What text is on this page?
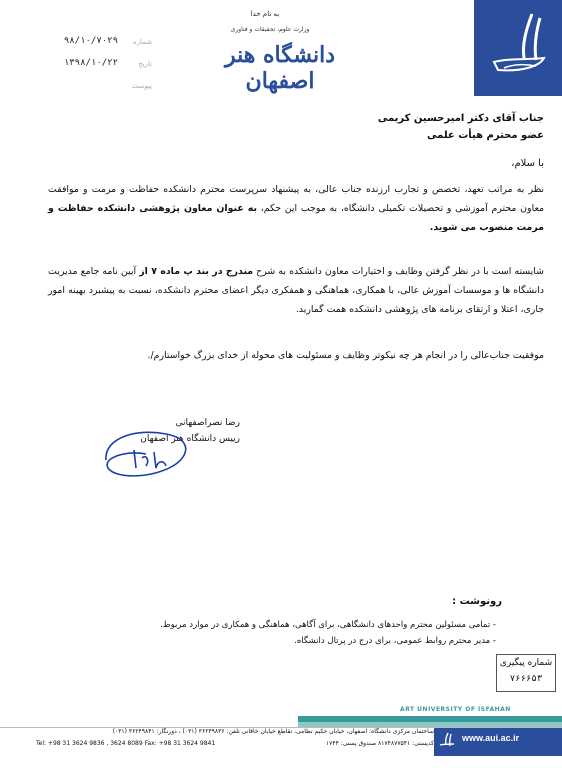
به نام خدا
وزارت علوم، تحقیقات و فناوری
دانشگاه هنر اصفهان
شماره
۹۸/۱۰/۷۰۲۹
تاریخ
۱۳۹۸/۱۰/۲۲
پیوست
جناب آقای دکتر امیرحسین کریمی
عضو محترم هیأت علمی
با سلام،
نظر به مراتب تعهد، تخصص و تجارب ارزنده جناب عالی، به پیشنهاد سرپرست محترم دانشکده حفاظت و مرمت و موافقت معاون محترم آموزشی و تحصیلات تکمیلی دانشگاه، به موجب این حکم، به عنوان معاون پژوهشی دانشکده حفاظت و مرمت منصوب می شوید.
شایسته است با در نظر گرفتن وظایف و اختیارات معاون دانشکده به شرح مندرج در بند پ ماده ۷ از آیین نامه جامع مدیریت دانشگاه ها و موسسات آموزش عالی، با همکاری، هماهنگی و همفکری دیگر اعضای محترم دانشکده، نسبت به پیشبرد بهینه امور جاری، اعتلا و ارتقای برنامه های پژوهشی دانشکده همت گمارید.
موفقیت جناب‌عالی را در انجام هر چه نیکوتر وظایف و مسئولیت های محوله از خدای بزرگ خواستارم/.
رضا نصراصفهانی
رییس دانشگاه هنر اصفهان
رونوشت :
- تمامی مسئولین محترم واحدهای دانشگاهی، برای آگاهی، هماهنگی و همکاری در موارد مربوط.
- مدیر محترم روابط عمومی، برای درج در پرتال دانشگاه.
شماره پیگیری
۷۶۶۶۵۳
ART UNIVERSITY OF ISFAHAN
ساختمان مرکزی دانشگاه: اصفهان، خیابان حکیم نظامی، تقاطع خیابان خاقانی تلفن: ۳۶۲۴۹۸۳۶ (۰۳۱) ، دورنگار: ۳۶۲۴۹۸۴۱ (۰۳۱)
کدپستی: ۸۱۷۴۸۷۷۵۴۱ صندوق پستی: ۱۷۴۴
Tel: +98 31 3624 9836 , 3624 8089 Fax: +98 31 3624 9841
www.aui.ac.ir
